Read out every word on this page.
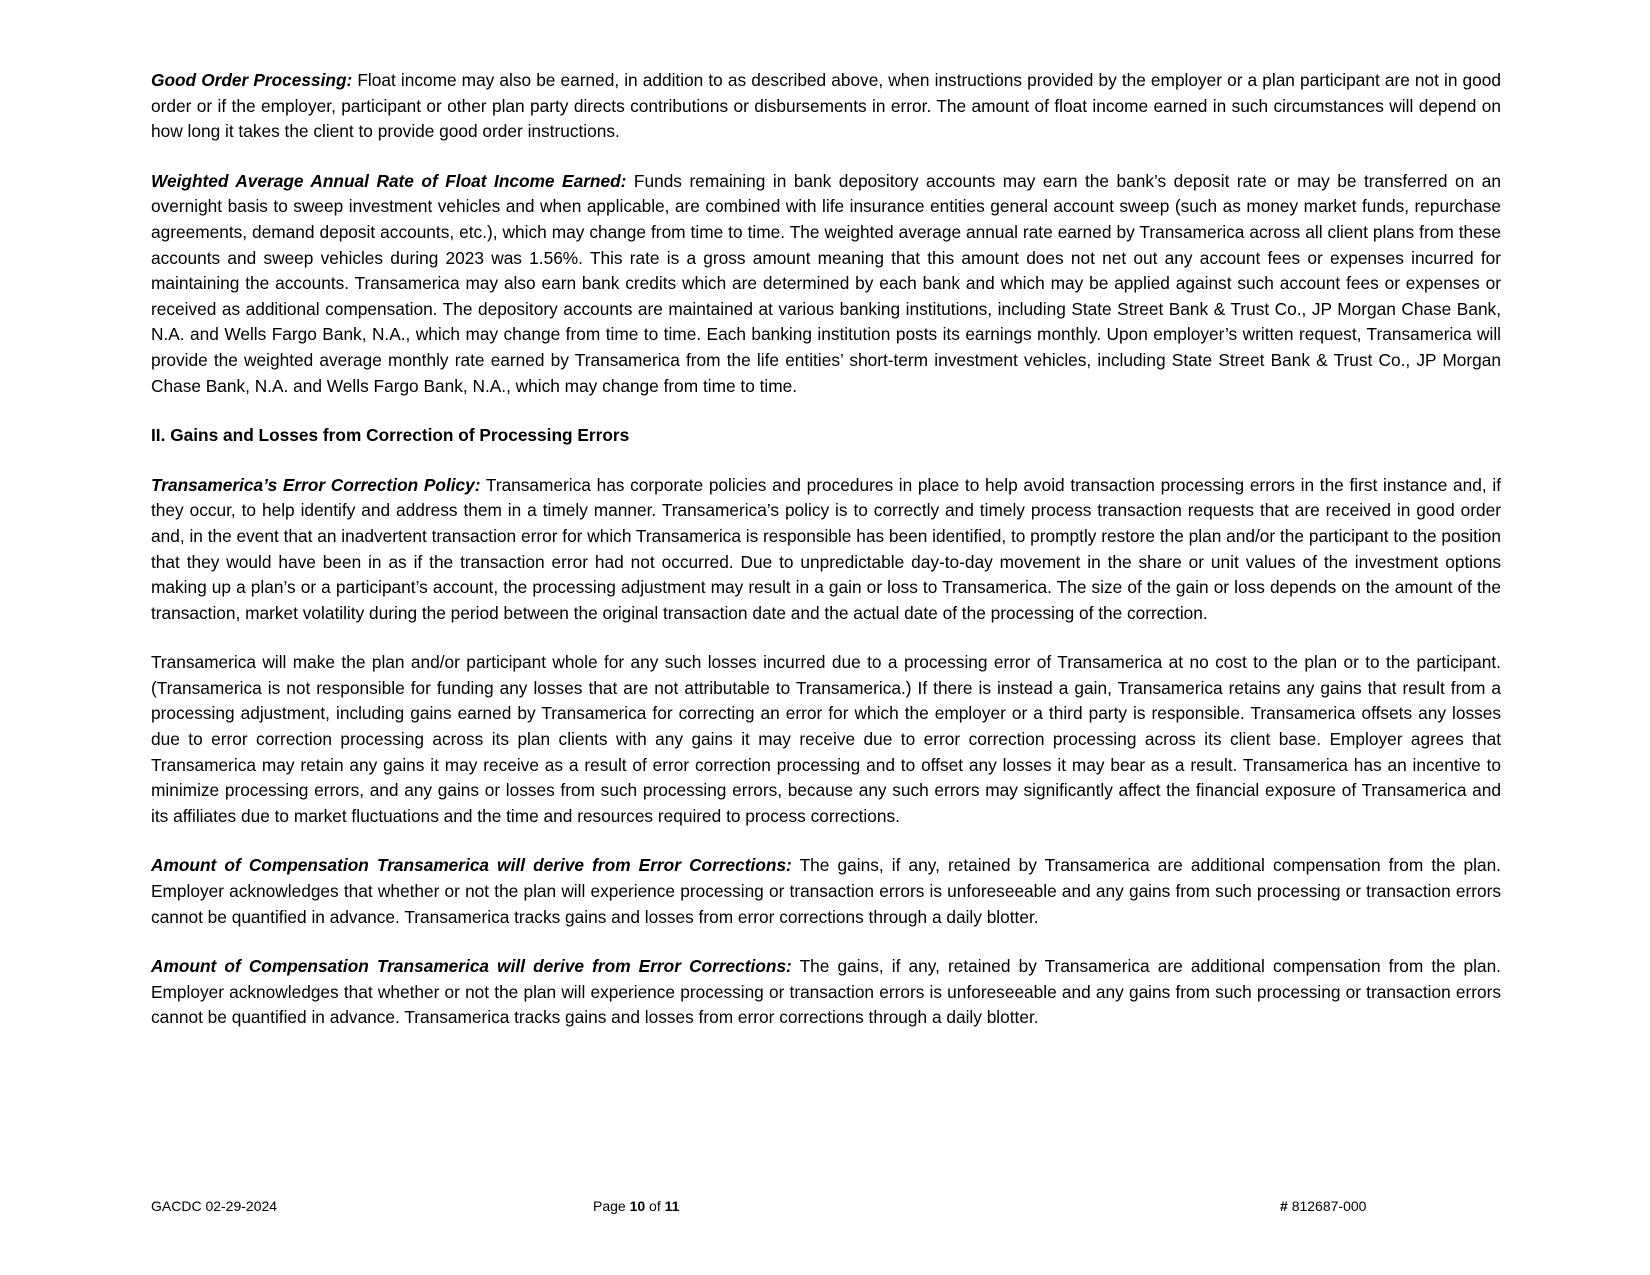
Good Order Processing: Float income may also be earned, in addition to as described above, when instructions provided by the employer or a plan participant are not in good order or if the employer, participant or other plan party directs contributions or disbursements in error. The amount of float income earned in such circumstances will depend on how long it takes the client to provide good order instructions.

Weighted Average Annual Rate of Float Income Earned: Funds remaining in bank depository accounts may earn the bank’s deposit rate or may be transferred on an overnight basis to sweep investment vehicles and when applicable, are combined with life insurance entities general account sweep (such as money market funds, repurchase agreements, demand deposit accounts, etc.), which may change from time to time. The weighted average annual rate earned by Transamerica across all client plans from these accounts and sweep vehicles during 2023 was 1.56%. This rate is a gross amount meaning that this amount does not net out any account fees or expenses incurred for maintaining the accounts. Transamerica may also earn bank credits which are determined by each bank and which may be applied against such account fees or expenses or received as additional compensation. The depository accounts are maintained at various banking institutions, including State Street Bank & Trust Co., JP Morgan Chase Bank, N.A. and Wells Fargo Bank, N.A., which may change from time to time. Each banking institution posts its earnings monthly. Upon employer’s written request, Transamerica will provide the weighted average monthly rate earned by Transamerica from the life entities’ short-term investment vehicles, including State Street Bank & Trust Co., JP Morgan Chase Bank, N.A. and Wells Fargo Bank, N.A., which may change from time to time.

II. Gains and Losses from Correction of Processing Errors

Transamerica’s Error Correction Policy: Transamerica has corporate policies and procedures in place to help avoid transaction processing errors in the first instance and, if they occur, to help identify and address them in a timely manner. Transamerica’s policy is to correctly and timely process transaction requests that are received in good order and, in the event that an inadvertent transaction error for which Transamerica is responsible has been identified, to promptly restore the plan and/or the participant to the position that they would have been in as if the transaction error had not occurred. Due to unpredictable day-to-day movement in the share or unit values of the investment options making up a plan’s or a participant’s account, the processing adjustment may result in a gain or loss to Transamerica. The size of the gain or loss depends on the amount of the transaction, market volatility during the period between the original transaction date and the actual date of the processing of the correction.

Transamerica will make the plan and/or participant whole for any such losses incurred due to a processing error of Transamerica at no cost to the plan or to the participant. (Transamerica is not responsible for funding any losses that are not attributable to Transamerica.) If there is instead a gain, Transamerica retains any gains that result from a processing adjustment, including gains earned by Transamerica for correcting an error for which the employer or a third party is responsible. Transamerica offsets any losses due to error correction processing across its plan clients with any gains it may receive due to error correction processing across its client base. Employer agrees that Transamerica may retain any gains it may receive as a result of error correction processing and to offset any losses it may bear as a result. Transamerica has an incentive to minimize processing errors, and any gains or losses from such processing errors, because any such errors may significantly affect the financial exposure of Transamerica and its affiliates due to market fluctuations and the time and resources required to process corrections.

Amount of Compensation Transamerica will derive from Error Corrections: The gains, if any, retained by Transamerica are additional compensation from the plan. Employer acknowledges that whether or not the plan will experience processing or transaction errors is unforeseeable and any gains from such processing or transaction errors cannot be quantified in advance. Transamerica tracks gains and losses from error corrections through a daily blotter.

Amount of Compensation Transamerica will derive from Error Corrections: The gains, if any, retained by Transamerica are additional compensation from the plan. Employer acknowledges that whether or not the plan will experience processing or transaction errors is unforeseeable and any gains from such processing or transaction errors cannot be quantified in advance. Transamerica tracks gains and losses from error corrections through a daily blotter.

GACDC 02-29-2024	Page 10 of 11	# 812687-000
